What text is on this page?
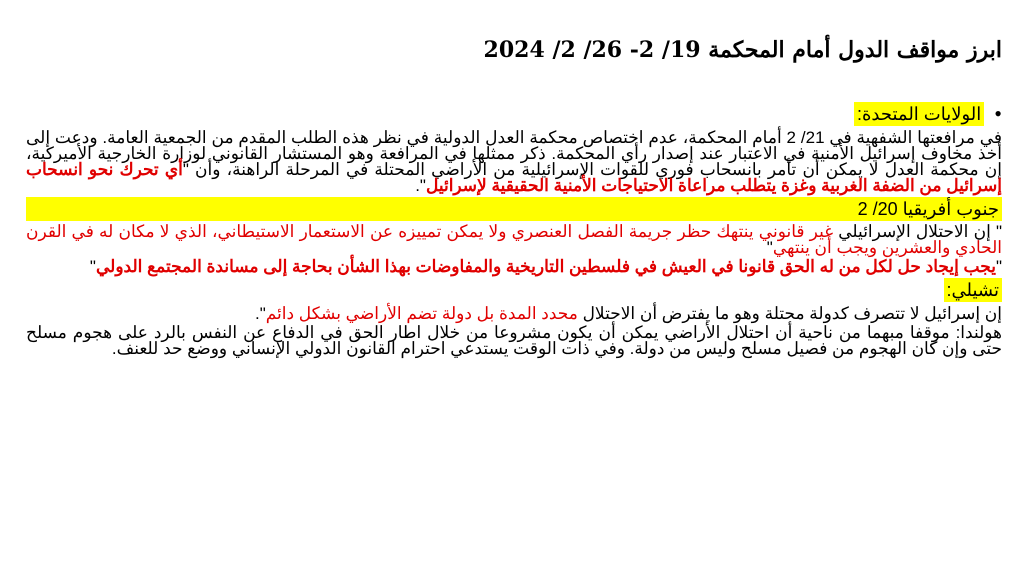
ابرز مواقف الدول أمام المحكمة 19/ 2- 26/ 2/ 2024
•
الولايات المتحدة:

في مرافعتها الشفهية في 21/ 2 أمام المحكمة، عدم اختصاص محكمة العدل الدولية في نظر هذه الطلب المقدم من الجمعية العامة. ودعت إلى أخذ مخاوف إسرائيل الأمنية في الاعتبار عند إصدار رأي المحكمة. ذكر ممثلها في المرافعة وهو المستشار القانوني لوزارة الخارجية الأميركية، إن محكمة العدل لا يمكن أن تأمر بانسحاب فوري للقوات الإسرائيلية من الأراضي المحتلة في المرحلة الراهنة، وأن "أي تحرك نحو انسحاب إسرائيل من الضفة الغربية وغزة يتطلب مراعاة الاحتياجات الأمنية الحقيقية لإسرائيل".

جنوب أفريقيا 20/ 2

" إن الاحتلال الإسرائيلي غير قانوني ينتهك حظر جريمة الفصل العنصري ولا يمكن تمييزه عن الاستعمار الاستيطاني، الذي لا مكان له في القرن الحادي والعشرين ويجب أن ينتهي"

"يجب إيجاد حل لكل من له الحق قانونا في العيش في فلسطين التاريخية والمفاوضات بهذا الشأن بحاجة إلى مساندة المجتمع الدولي"

تشيلي:

إن إسرائيل لا تتصرف كدولة محتلة وهو ما يفترض أن الاحتلال محدد المدة بل دولة تضم الأراضي بشكل دائم".

هولندا: موقفا مبهما من ناحية أن احتلال الأراضي يمكن أن يكون مشروعا من خلال اطار الحق في الدفاع عن النفس بالرد على هجوم مسلح حتى وإن كان الهجوم من فصيل مسلح وليس من دولة. وفي ذات الوقت يستدعي احترام القانون الدولي الإنساني ووضع حد للعنف.
